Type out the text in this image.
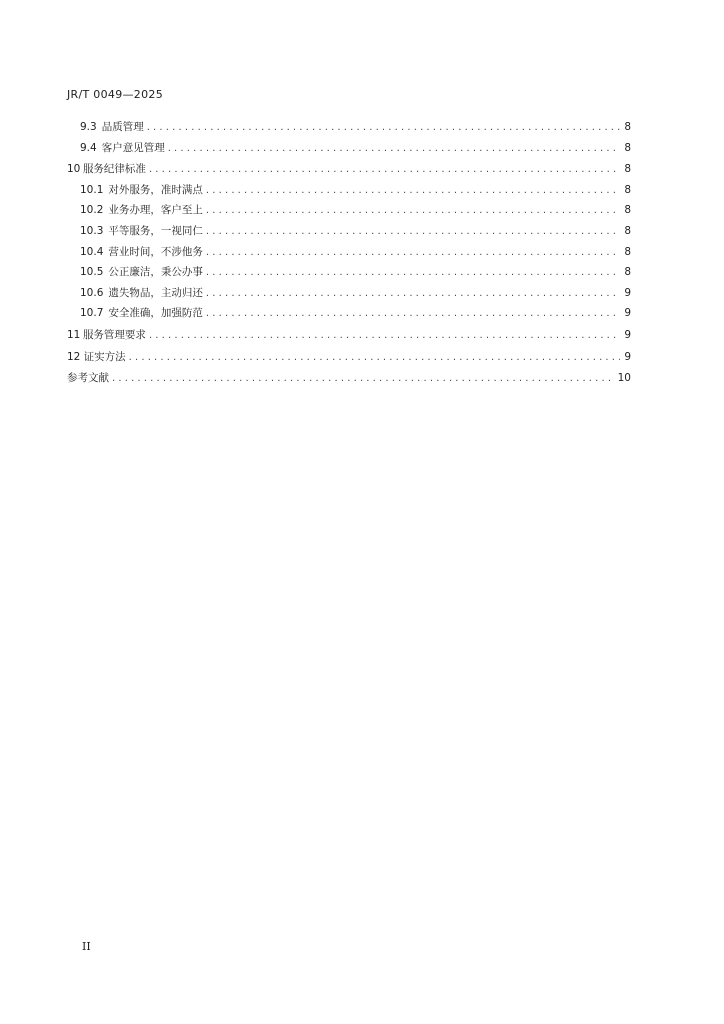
JR/T 0049—2025
9.3 品质管理 . . .	8
9.4 客户意见管理 . . .	8
10 服务纪律标准 . . .	8
10.1 对外服务，准时满点 . . .	8
10.2 业务办理，客户至上 . . .	8
10.3 平等服务，一视同仁 . . .	8
10.4 营业时间，不涉他务 . . .	8
10.5 公正廉洁，秉公办事 . . .	8
10.6 遗失物品，主动归还 . . .	9
10.7 安全准确，加强防范 . . .	9
11 服务管理要求 . . .	9
12 证实方法 . . .	9
参考文献 . . .	10
II
